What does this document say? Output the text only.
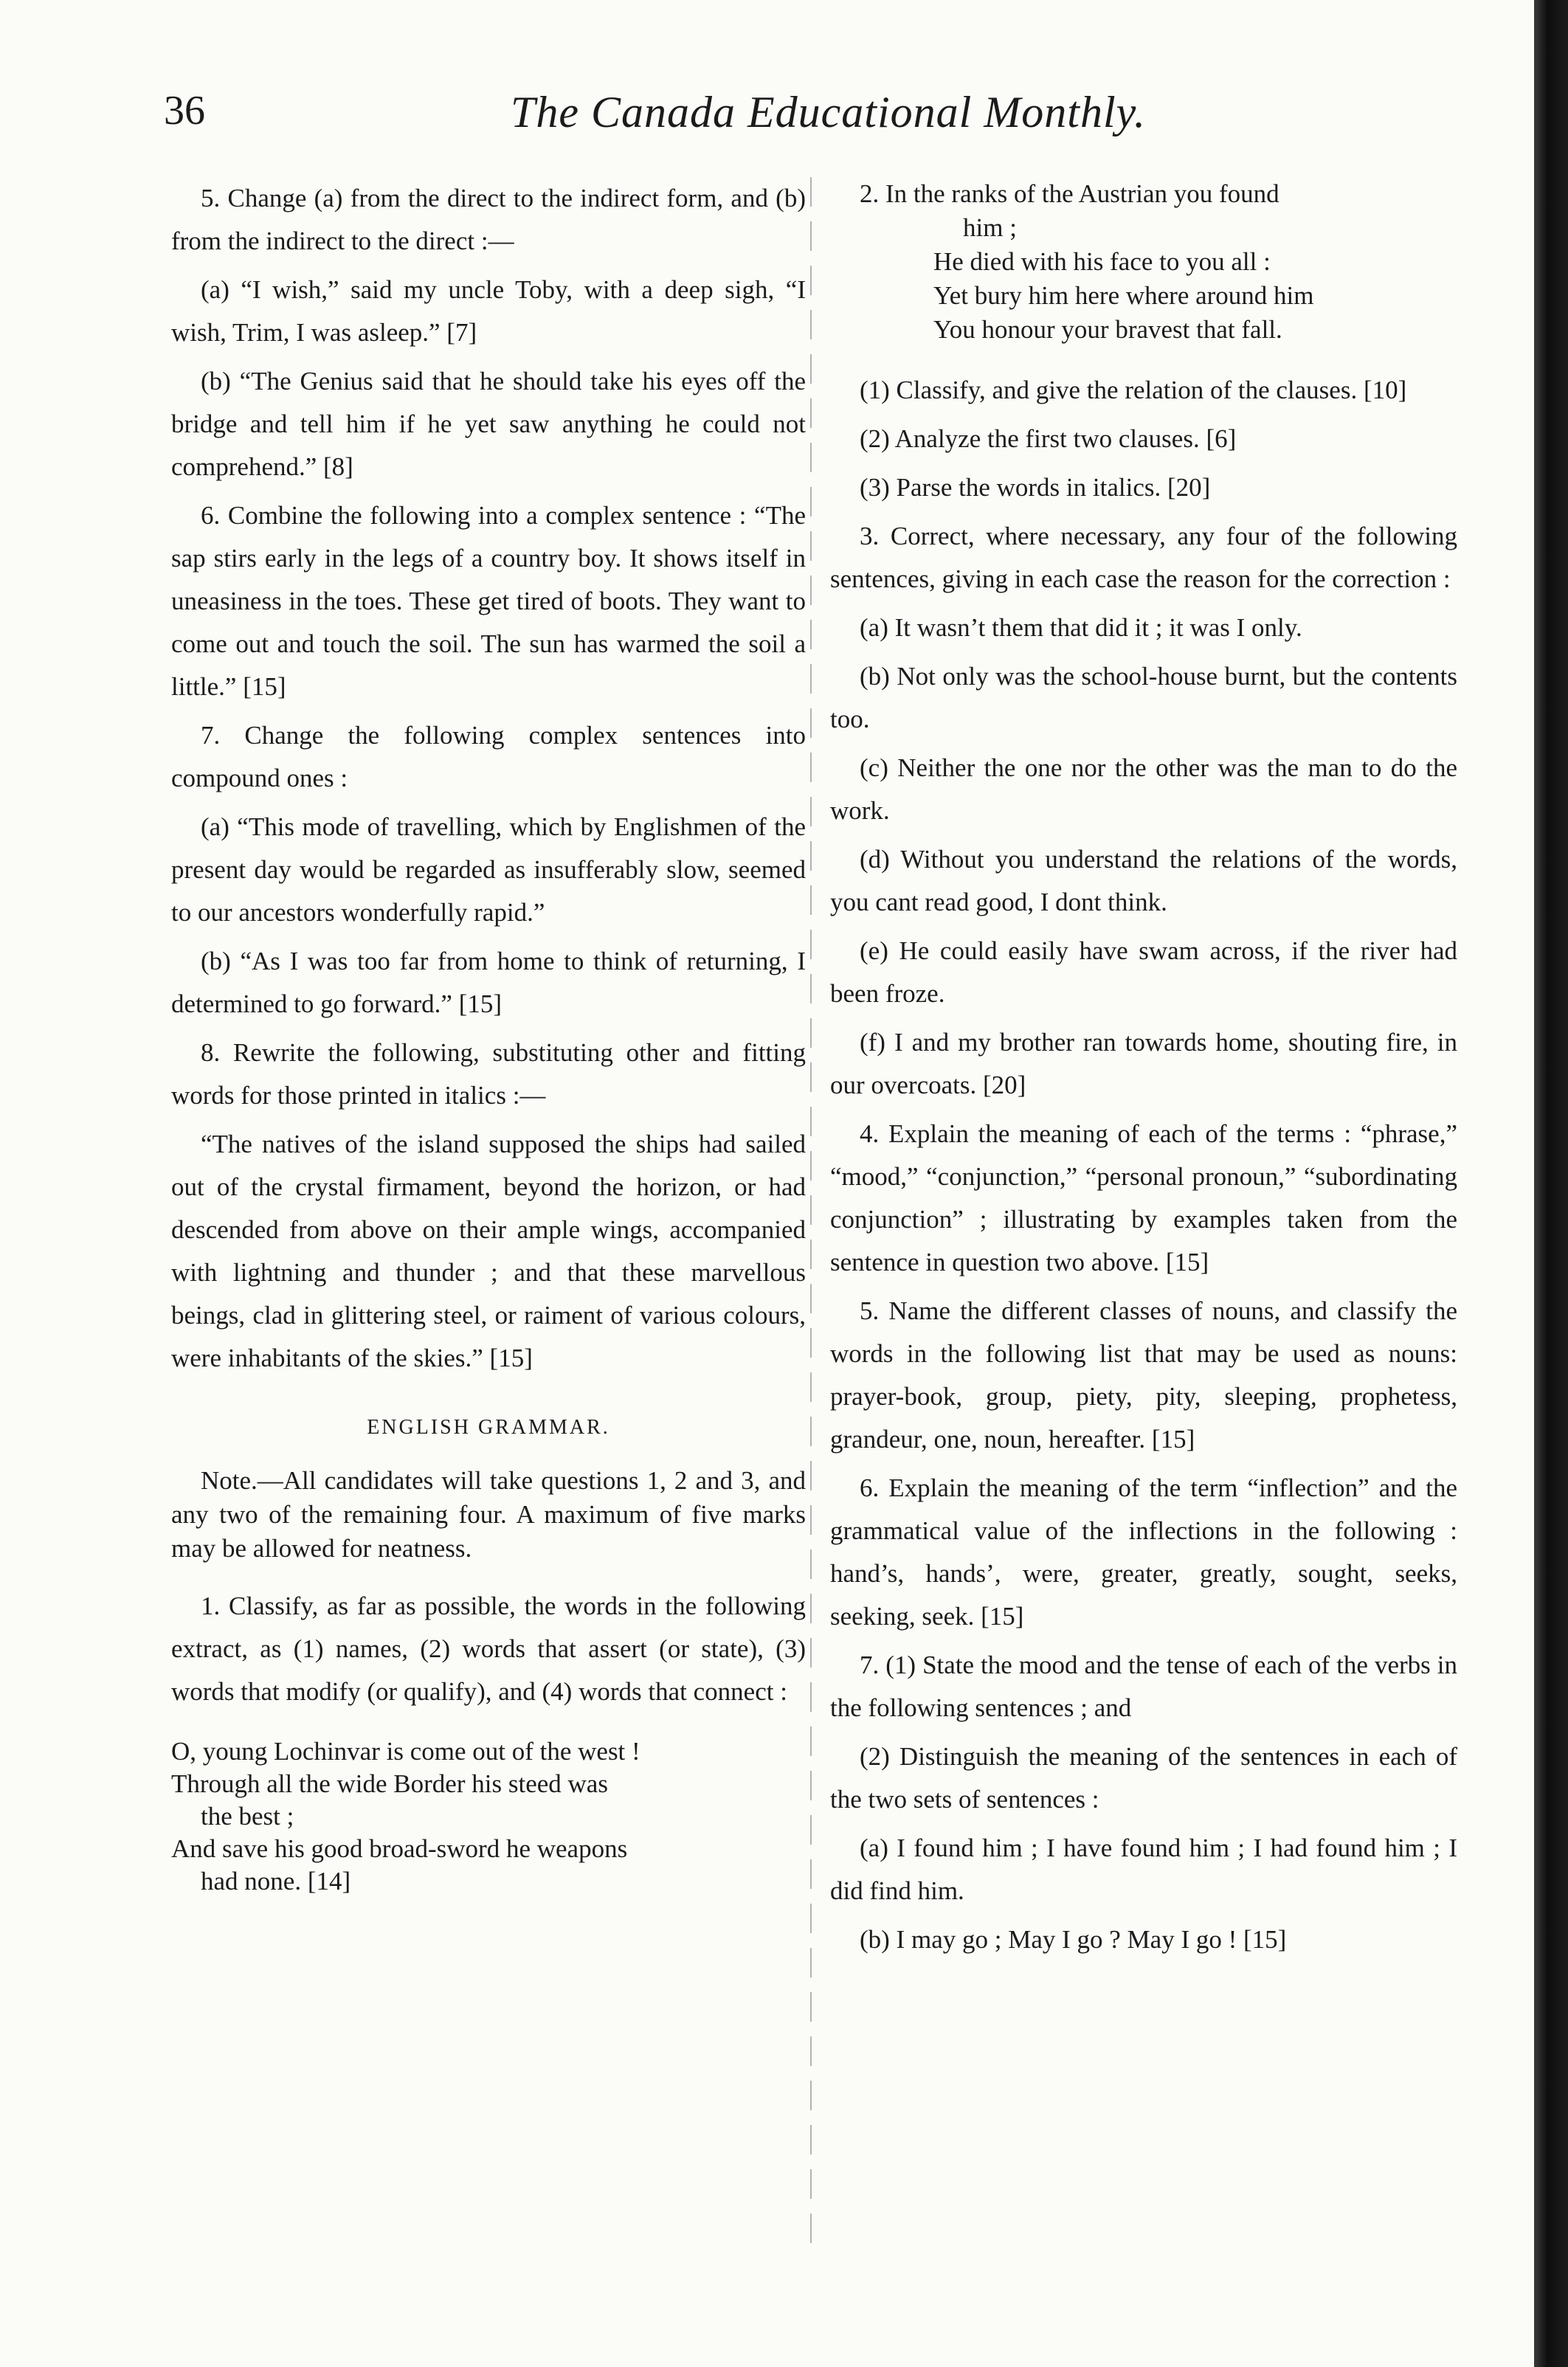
36	The Canada Educational Monthly.

5. Change (a) from the direct to the indirect form, and (b) from the indirect to the direct :—

(a) “I wish,” said my uncle Toby, with a deep sigh, “I wish, Trim, I was asleep.” [7]

(b) “The Genius said that he should take his eyes off the bridge and tell him if he yet saw anything he could not comprehend.” [8]

6. Combine the following into a complex sentence : “The sap stirs early in the legs of a country boy. It shows itself in uneasiness in the toes. These get tired of boots. They want to come out and touch the soil. The sun has warmed the soil a little.” [15]

7. Change the following complex sentences into compound ones :

(a) “This mode of travelling, which by Englishmen of the present day would be regarded as insufferably slow, seemed to our ancestors wonderfully rapid.”

(b) “As I was too far from home to think of returning, I determined to go forward.” [15]

8. Rewrite the following, substituting other and fitting words for those printed in italics :—

“The natives of the island supposed the ships had sailed out of the crystal firmament, beyond the horizon, or had descended from above on their ample wings, accompanied with lightning and thunder ; and that these marvellous beings, clad in glittering steel, or raiment of various colours, were inhabitants of the skies.” [15]

ENGLISH GRAMMAR.

Note.—All candidates will take questions 1, 2 and 3, and any two of the remaining four. A maximum of five marks may be allowed for neatness.

1. Classify, as far as possible, the words in the following extract, as (1) names, (2) words that assert (or state), (3) words that modify (or qualify), and (4) words that connect :

O, young Lochinvar is come out of the west !
Through all the wide Border his steed was
the best ;
And save his good broad-sword he weapons
had none. [14]
2. In the ranks of the Austrian you found
him ;
He died with his face to you all :
Yet bury him here where around him
You honour your bravest that fall.

(1) Classify, and give the relation of the clauses. [10]

(2) Analyze the first two clauses. [6]

(3) Parse the words in italics. [20]

3. Correct, where necessary, any four of the following sentences, giving in each case the reason for the correction :

(a) It wasn’t them that did it ; it was I only.

(b) Not only was the school-house burnt, but the contents too.

(c) Neither the one nor the other was the man to do the work.

(d) Without you understand the relations of the words, you cant read good, I dont think.

(e) He could easily have swam across, if the river had been froze.

(f) I and my brother ran towards home, shouting fire, in our overcoats. [20]

4. Explain the meaning of each of the terms : “phrase,” “mood,” “conjunction,” “personal pronoun,” “subordinating conjunction” ; illustrating by examples taken from the sentence in question two above. [15]

5. Name the different classes of nouns, and classify the words in the following list that may be used as nouns: prayer-book, group, piety, pity, sleeping, prophetess, grandeur, one, noun, hereafter. [15]

6. Explain the meaning of the term “inflection” and the grammatical value of the inflections in the following : hand’s, hands’, were, greater, greatly, sought, seeks, seeking, seek. [15]

7. (1) State the mood and the tense of each of the verbs in the following sentences ; and

(2) Distinguish the meaning of the sentences in each of the two sets of sentences :

(a) I found him ; I have found him ; I had found him ; I did find him.

(b) I may go ; May I go ? May I go ! [15]
